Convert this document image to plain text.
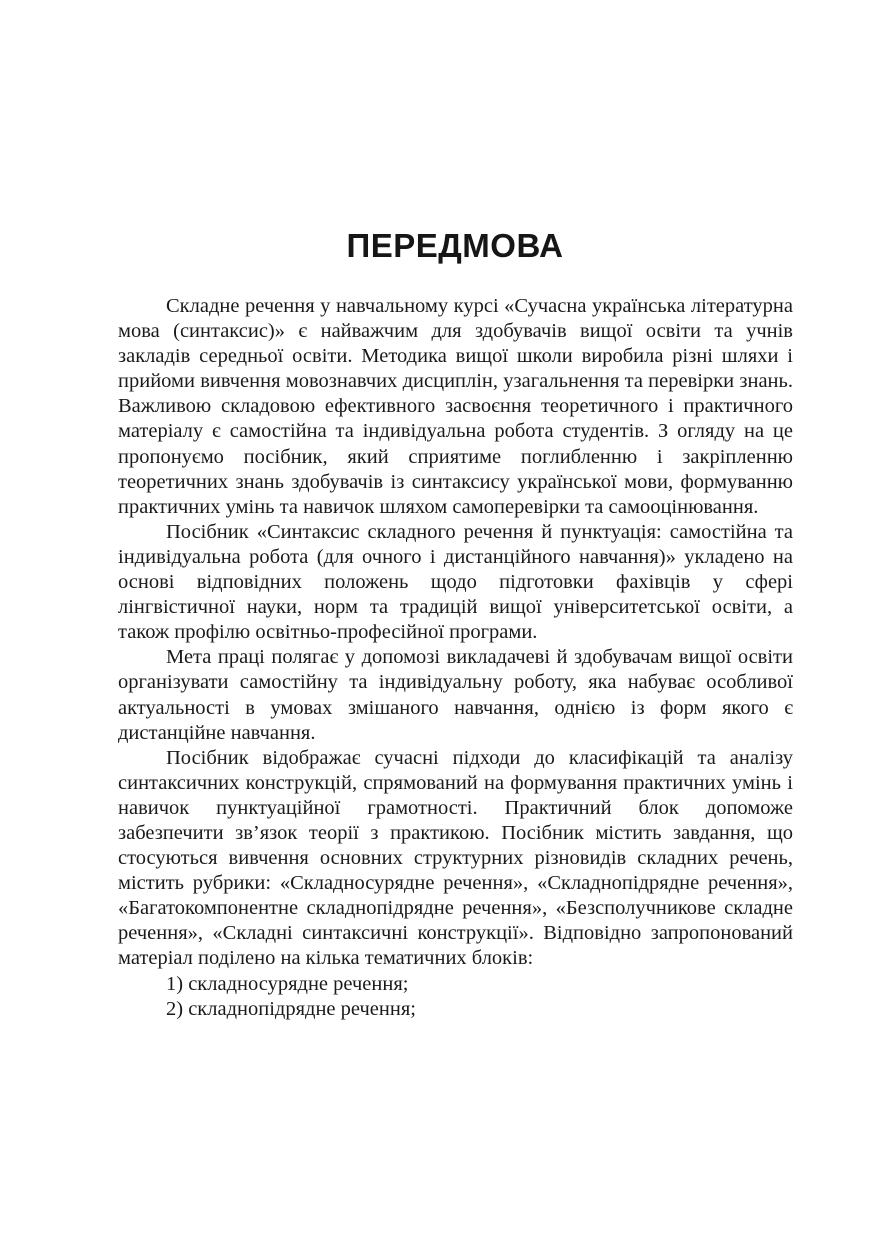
ПЕРЕДМОВА

Складне речення у навчальному курсі «Сучасна українська літературна мова (синтаксис)» є найважчим для здобувачів вищої освіти та учнів закладів середньої освіти. Методика вищої школи виробила різні шляхи і прийоми вивчення мовознавчих дисциплін, узагальнення та перевірки знань. Важливою складовою ефективного засвоєння теоретичного і практичного матеріалу є самостійна та індивідуальна робота студентів. З огляду на це пропонуємо посібник, який сприятиме поглибленню і закріпленню теоретичних знань здобувачів із синтаксису української мови, формуванню практичних умінь та навичок шляхом самоперевірки та самооцінювання.

Посібник «Синтаксис складного речення й пунктуація: самостійна та індивідуальна робота (для очного і дистанційного навчання)» укладено на основі відповідних положень щодо підготовки фахівців у сфері лінгвістичної науки, норм та традицій вищої університетської освіти, а також профілю освітньо-професійної програми.

Мета праці полягає у допомозі викладачеві й здобувачам вищої освіти організувати самостійну та індивідуальну роботу, яка набуває особливої актуальності в умовах змішаного навчання, однією із форм якого є дистанційне навчання.

Посібник відображає сучасні підходи до класифікацій та аналізу синтаксичних конструкцій, спрямований на формування практичних умінь і навичок пунктуаційної грамотності. Практичний блок допоможе забезпечити зв’язок теорії з практикою. Посібник містить завдання, що стосуються вивчення основних структурних різновидів складних речень, містить рубрики: «Складносурядне речення», «Складнопідрядне речення», «Багатокомпонентне складнопідрядне речення», «Безсполучникове складне речення», «Складні синтаксичні конструкції». Відповідно запропонований матеріал поділено на кілька тематичних блоків:

1) складносурядне речення;
2) складнопідрядне речення;
